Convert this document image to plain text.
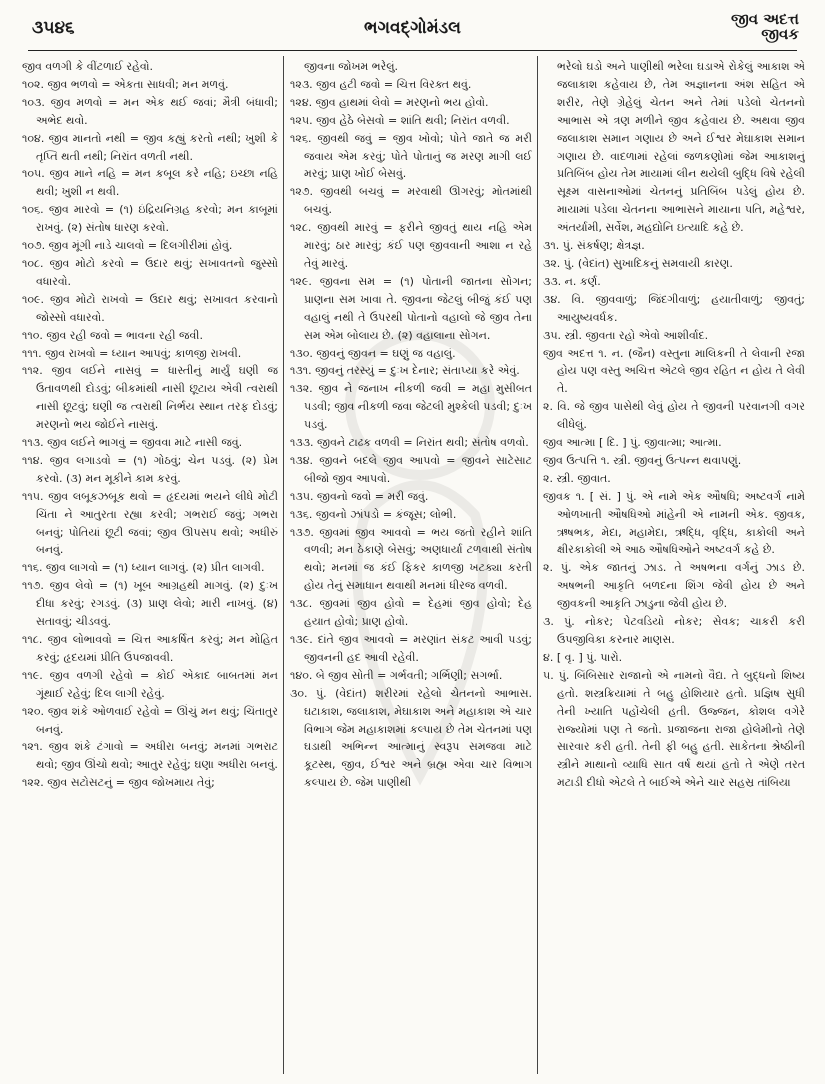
૩૫૪૬	ભગવદ્ગોમંડલ	જીવ અદત્ત
જીવક

જીવ વળગી કે વીંટળાઈ રહેવો.

૧૦૨. જીવ ભળવો = એકતા સાધવી; મન મળવું.

૧૦૩. જીવ મળવો = મન એક થઈ જવાં; મૈત્રી બંધાવી; અભેદ થવો.

૧૦૪. જીવ માનતો નથી = જીવ કહ્યું કરતો નથી; ખુશી કે તૃપ્તિ થતી નથી; નિરાંત વળતી નથી.

૧૦૫. જીવ માને નહિ = મન કબૂલ કરે નહિ; ઇચ્છા નહિ થવી; ખુશી ન થવી.

૧૦૬. જીવ મારવો = (૧) ઇંદ્રિયનિગ્રહ કરવો; મન કાબૂમાં રાખવું. (૨) સંતોષ ધારણ કરવો.

૧૦૭. જીવ મૂંગી નાડે ચાલવો = દિલગીરીમાં હોવું.

૧૦૮. જીવ મોટો કરવો = ઉદાર થવું; સખાવતનો જુસ્સો વધારવો.

૧૦૯. જીવ મોટો રાખવો = ઉદાર થવું; સખાવત કરવાનો જોસ્સો વધારવો.

૧૧૦. જીવ રહી જવો = ભાવના રહી જવી.

૧૧૧. જીવ રાખવો = ધ્યાન આપવું; કાળજી રાખવી.

૧૧૨. જીવ લઈને નાસવું = ધાસ્તીનું માર્યું ઘણી જ ઉતાવળથી દોડવું; બીકમાંથી નાસી છૂટાય એવી ત્વરાથી નાસી છૂટવું; ઘણી જ ત્વરાથી નિર્ભય સ્થાન તરફ દોડવું; મરણનો ભય જોઈને નાસવું.

૧૧૩. જીવ લઈને ભાગવું = જીવવા માટે નાસી જવું.

૧૧૪. જીવ લગાડવો = (૧) ગોઠવું; ચેન પડવું. (૨) પ્રેમ કરવો. (૩) મન મૂકીને કામ કરવું.

૧૧૫. જીવ લબૂકઝબૂક થવો = હૃદયમાં ભયને લીધે મોટી ચિંતા ને આતુરતા રહ્યા કરવી; ગભરાઈ જવું; ગભરા બનવું; પોતિયાં છૂટી જવાં; જીવ ઊપસપ થવો; અધીરું બનવું.

૧૧૬. જીવ લાગવો = (૧) ધ્યાન લાગવું. (૨) પ્રીત લાગવી.

૧૧૭. જીવ લેવો = (૧) ખૂબ આગ્રહથી માગવું. (૨) દુઃખ દીધા કરવું; રગડવું. (૩) પ્રાણ લેવો; મારી નાખવું. (૪) સતાવવું; ચીડવવું.

૧૧૮. જીવ લોભાવવો = ચિત્ત આકર્ષિત કરવું; મન મોહિત કરવું; હૃદયમાં પ્રીતિ ઉપજાવવી.

૧૧૯. જીવ વળગી રહેવો = કોઈ એકાદ બાબતમાં મન ગૂંથાઈ રહેવું; દિલ લાગી રહેવું.

૧૨૦. જીવ શંકે ઓળવાઈ રહેવો = ઊંચું મન થવું; ચિંતાતુર બનવું.

૧૨૧. જીવ શંકે ટંગાવો = અધીરા બનવું; મનમાં ગભરાટ થવો; જીવ ઊંચો થવો; આતુર રહેવું; ઘણા અધીરા બનવું.

૧૨૨. જીવ સટોસટનું = જીવ જોખમાય તેવું;

જીવના જોખમ ભરેલું.

૧૨૩. જીવ હટી જવો = ચિત્ત વિરક્ત થવું.

૧૨૪. જીવ હાથમાં લેવો = મરણનો ભય હોવો.

૧૨૫. જીવ હેઠે બેસવો = શાંતિ થવી; નિરાંત વળવી.

૧૨૬. જીવથી જવું = જીવ ખોવો; પોતે જાતે જ મરી જવાય એમ કરવું; પોતે પોતાનું જ મરણ માગી લઈ મરવું; પ્રાણ ખોઈ બેસવું.

૧૨૭. જીવથી બચવું = મરવાથી ઊગરવું; મોતમાંથી બચવું.

૧૨૮. જીવથી મારવું = ફરીને જીવતું થાય નહિ એમ મારવું; ઠાર મારવું; કંઈ પણ જીવવાની આશા ન રહે તેવું મારવું.

૧૨૯. જીવના સમ = (૧) પોતાની જાતના સોગન; પ્રાણના સમ ખાવા તે. જીવના જેટલું બીજું કંઈ પણ વહાલું નથી તે ઉપરથી પોતાનો વહાલો જે જીવ તેના સમ એમ બોલાય છે. (૨) વહાલાના સોગન.

૧૩૦. જીવનું જીવન = ઘણું જ વહાલું.

૧૩૧. જીવનું તરસ્યું = દુઃખ દેનાર; સંતાપ્યા કરે એવું.

૧૩૨. જીવ ને જનાખ નીકળી જવી = મહા મુસીબત પડવી; જીવ નીકળી જવા જેટલી મુશ્કેલી પડવી; દુઃખ પડવું.

૧૩૩. જીવને ટાઢક વળવી = નિરાંત થવી; સંતોષ વળવો.

૧૩૪. જીવને બદલે જીવ આપવો = જીવને સાટેસાટ બીજો જીવ આપવો.

૧૩૫. જીવનો જવો = મરી જવું.

૧૩૬. જીવનો ઝાંપડો = કંજૂસ; લોભી.

૧૩૭. જીવમાં જીવ આવવો = ભય જતો રહીને શાંતિ વળવી; મન ઠેકાણે બેસવું; અણધાર્યા ટળવાથી સંતોષ થવો; મનમાં જ કંઈ ફિકર કાળજી ખટક્યા કરતી હોય તેનું સમાધાન થવાથી મનમાં ધીરજ વળવી.

૧૩૮. જીવમાં જીવ હોવો = દેહમાં જીવ હોવો; દેહ હયાત હોવો; પ્રાણ હોવો.

૧૩૯. દાંતે જીવ આવવો = મરણાંત સંકટ આવી પડવું; જીવનની હદ આવી રહેવી.

૧૪૦. બે જીવ સોતી = ગર્ભવતી; ગર્ભિણી; સગર્ભા.

૩૦. પું. (વેદાંત) શરીરમાં રહેલો ચેતનનો આભાસ. ઘટાકાશ, જલાકાશ, મેઘાકાશ અને મહાકાશ એ ચાર વિભાગ જેમ મહાકાશમાં કલ્પાય છે તેમ ચેતનમાં પણ ઘડાથી અભિન્ન આત્માનું સ્વરૂપ સમજવા માટે કૂટસ્થ, જીવ, ઈશ્વર અને બ્રહ્મ એવા ચાર વિભાગ કલ્પાય છે. જેમ પાણીથી

ભરેલો ઘડો અને પાણીથી ભરેલા ઘડાએ રોકેલું આકાશ એ જલાકાશ કહેવાય છે, તેમ અજ્ઞાનના અંશ સહિત એ શરીર, તેણે ગ્રેહેલું ચેતન અને તેમાં પડેલો ચેતનનો આભાસ એ ત્રણ મળીને જીવ કહેવાય છે. અથવા જીવ જલાકાશ સમાન ગણાય છે અને ઈશ્વર મેઘાકાશ સમાન ગણાય છે. વાદળામાં રહેલાં જળકણોમાં જેમ આકાશનું પ્રતિબિંબ હોય તેમ માયામાં લીન થયેલી બુદ્ધિ વિષે રહેલી સૂક્ષ્મ વાસનાઓમાં ચેતનનું પ્રતિબિંબ પડેલું હોય છે. માયામાં પડેલા ચેતનના આભાસને માયાના પતિ, મહેશ્વર, અંતર્યામી, સર્વેશ, મહદ્યોનિ ઇત્યાદિ કહે છે.

૩૧. પું. સંકર્ષણ; ક્ષેત્રજ્ઞ.

૩૨. પું. (વેદાંત) સુખાદિકનું સમવાયી કારણ.

૩૩. ન. કર્ણ.

૩૪. વિ. જીવવાળું; જિંદગીવાળું; હયાતીવાળું; જીવતું; આયુષ્યવર્ધક.

૩૫. સ્ત્રી. જીવતા રહો એવો આશીર્વાદ.

જીવ અદત્ત ૧. ન. (જૈન) વસ્તુના માલિકની તે લેવાની રજા હોય પણ વસ્તુ અચિત્ત એટલે જીવ રહિત ન હોય તે લેવી તે.

૨. વિ. જે જીવ પાસેથી લેવું હોય તે જીવની પરવાનગી વગર લીધેલું.

જીવ આત્મા [ દિ. ] પું. જીવાત્મા; આત્મા.

જીવ ઉત્પત્તિ ૧. સ્ત્રી. જીવનું ઉત્પન્ન થવાપણું.

૨. સ્ત્રી. જીવાત.

જીવક ૧. [ સં. ] પું. એ નામે એક ઔષધિ; અષ્ટવર્ગ નામે ઓળખાતી ઔષધિઓ માંહેની એ નામની એક. જીવક, ઋષભક, મેદા, મહામેદા, ઋદ્ધિ, વૃદ્ધિ, કાકોલી અને ક્ષીરકાકોલી એ આઠ ઔષધિઓને અષ્ટવર્ગ કહે છે.

૨. પું. એક જાતનું ઝાડ. તે અષભના વર્ગનું ઝાડ છે. અષભની આકૃતિ બળદના શિંગ જેવી હોય છે અને જીવકની આકૃતિ ઝાડુના જેવી હોય છે.

૩. પું. નોકર; પેટવડિયો નોકર; સેવક; ચાકરી કરી ઉપજીવિકા કરનાર માણસ.

૪. [ વૃ. ] પું. પારો.

૫. પું. બિંબિસાર રાજાનો એ નામનો વૈદ્ય. તે બુદ્ધનો શિષ્ય હતો. શસ્ત્રક્રિયામાં તે બહુ હોશિયાર હતો. પ્રજ્ઞિષ સુધી તેની ખ્યાતિ પહોંચેલી હતી. ઉજ્જન, કોશલ વગેરે રાજ્યોમાં પણ તે જતો. પ્રજાજના રાજા હોલેમીનો તેણે સારવાર કરી હતી. તેની ફી બહુ હતી. સાકેતના શ્રેષ્ઠીની સ્ત્રીને માથાનો વ્યાધિ સાત વર્ષ થયાં હતો તે એણે તરત મટાડી દીધો એટલે તે બાઈએ એને ચાર સહસ્ર તાંબિયા
